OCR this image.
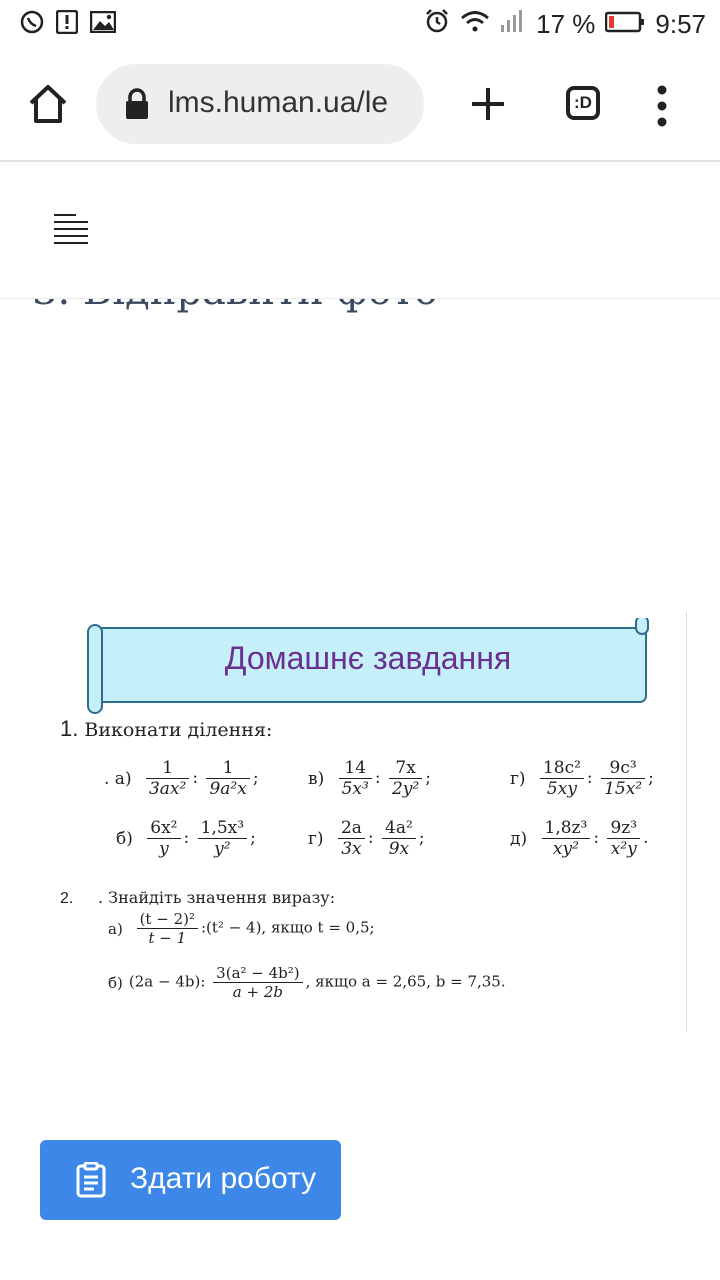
17 % 9:57
lms.human.ua/le	:D
Домашнє завдання
1. Виконати ділення:
. $а) \frac{1}{\text{3ax²}}$ : $\frac{1}{\text{9a²x}}$ ;	$в) \frac{14}{\text{5x³}}$ : $\frac{7x}{\text{2y²}}$ ;	$г) \frac{\text{18c²}}{5xy}$ : $\frac{\text{9c³}}{\text{15x²}}$ ;
$б) \frac{\text{6x²}}{y}$ : $\frac{\text{1,5x³}}{\text{y²}}$ ;	$г) \frac{2a}{3x}$ : $\frac{\text{4a²}}{9x}$ ;	$д) \frac{\text{1,8z³}}{\text{xy²}}$ : $\frac{\text{9z³}}{\text{x²y}}$ .
2. . Знайдіть значення виразу:
$а) \frac{\text{(t − 2)²}}{t - 1}$ :(t² − 4), якщо t = 0,5;
б) (2a − 4b): $\frac{\text{3(a² − 4b²)}}{a + 2b}$ , якщо a = 2,65, b = 7,35.
Здати роботу
